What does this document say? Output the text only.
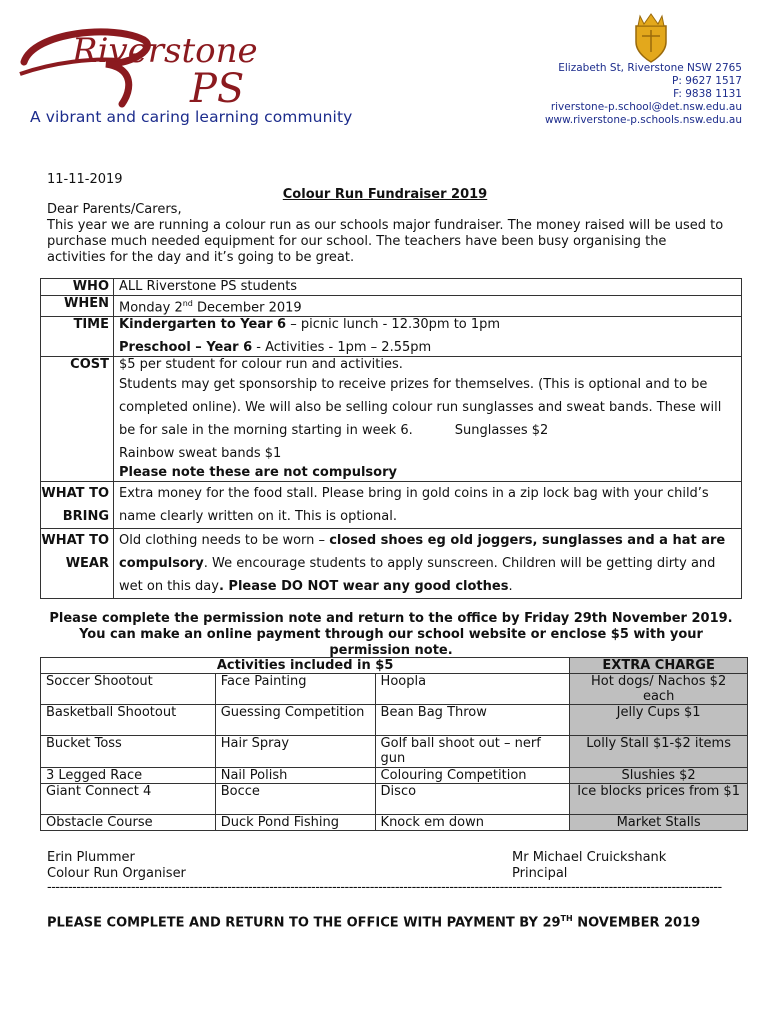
Riverstone
PS
A vibrant and caring learning community
Elizabeth St, Riverstone NSW 2765
P: 9627 1517
F: 9838 1131
riverstone-p.school@det.nsw.edu.au
www.riverstone-p.schools.nsw.edu.au
11-11-2019
Colour Run Fundraiser 2019
Dear Parents/Carers,
This year we are running a colour run as our schools major fundraiser. The money raised will be used to purchase much needed equipment for our school. The teachers have been busy organising the activities for the day and it’s going to be great.
WHO	ALL Riverstone PS students
WHEN	Monday 2nd December 2019
TIME	Kindergarten to Year 6 – picnic lunch - 12.30pm to 1pm
Preschool – Year 6 - Activities - 1pm – 2.55pm

COST	$5 per student for colour run and activities.
Students may get sponsorship to receive prizes for themselves. (This is optional and to be completed online). We will also be selling colour run sunglasses and sweat bands. These will be for sale in the morning starting in week 6. Sunglasses $2
Rainbow sweat bands $1
Please note these are not compulsory

WHAT TO BRING	Extra money for the food stall. Please bring in gold coins in a zip lock bag with your child’s name clearly written on it. This is optional.
WHAT TO WEAR	Old clothing needs to be worn – closed shoes eg old joggers, sunglasses and a hat are compulsory. We encourage students to apply sunscreen. Children will be getting dirty and wet on this day. Please DO NOT wear any good clothes.
Please complete the permission note and return to the office by Friday 29th November 2019. You can make an online payment through our school website or enclose $5 with your permission note.
Activities included in $5			EXTRA CHARGE
Soccer Shootout	Face Painting	Hoopla	Hot dogs/ Nachos $2 each
Basketball Shootout	Guessing Competition	Bean Bag Throw	Jelly Cups $1
Bucket Toss	Hair Spray	Golf ball shoot out – nerf gun	Lolly Stall $1-$2 items
3 Legged Race	Nail Polish	Colouring Competition	Slushies $2
Giant Connect 4	Bocce	Disco	Ice blocks prices from $1
Obstacle Course	Duck Pond Fishing	Knock em down	Market Stalls
Erin Plummer
Colour Run Organiser
Mr Michael Cruickshank
Principal
-----------------------------------------------------------------------------------------------------------------------------------------------------------------
PLEASE COMPLETE AND RETURN TO THE OFFICE WITH PAYMENT BY 29TH NOVEMBER 2019
